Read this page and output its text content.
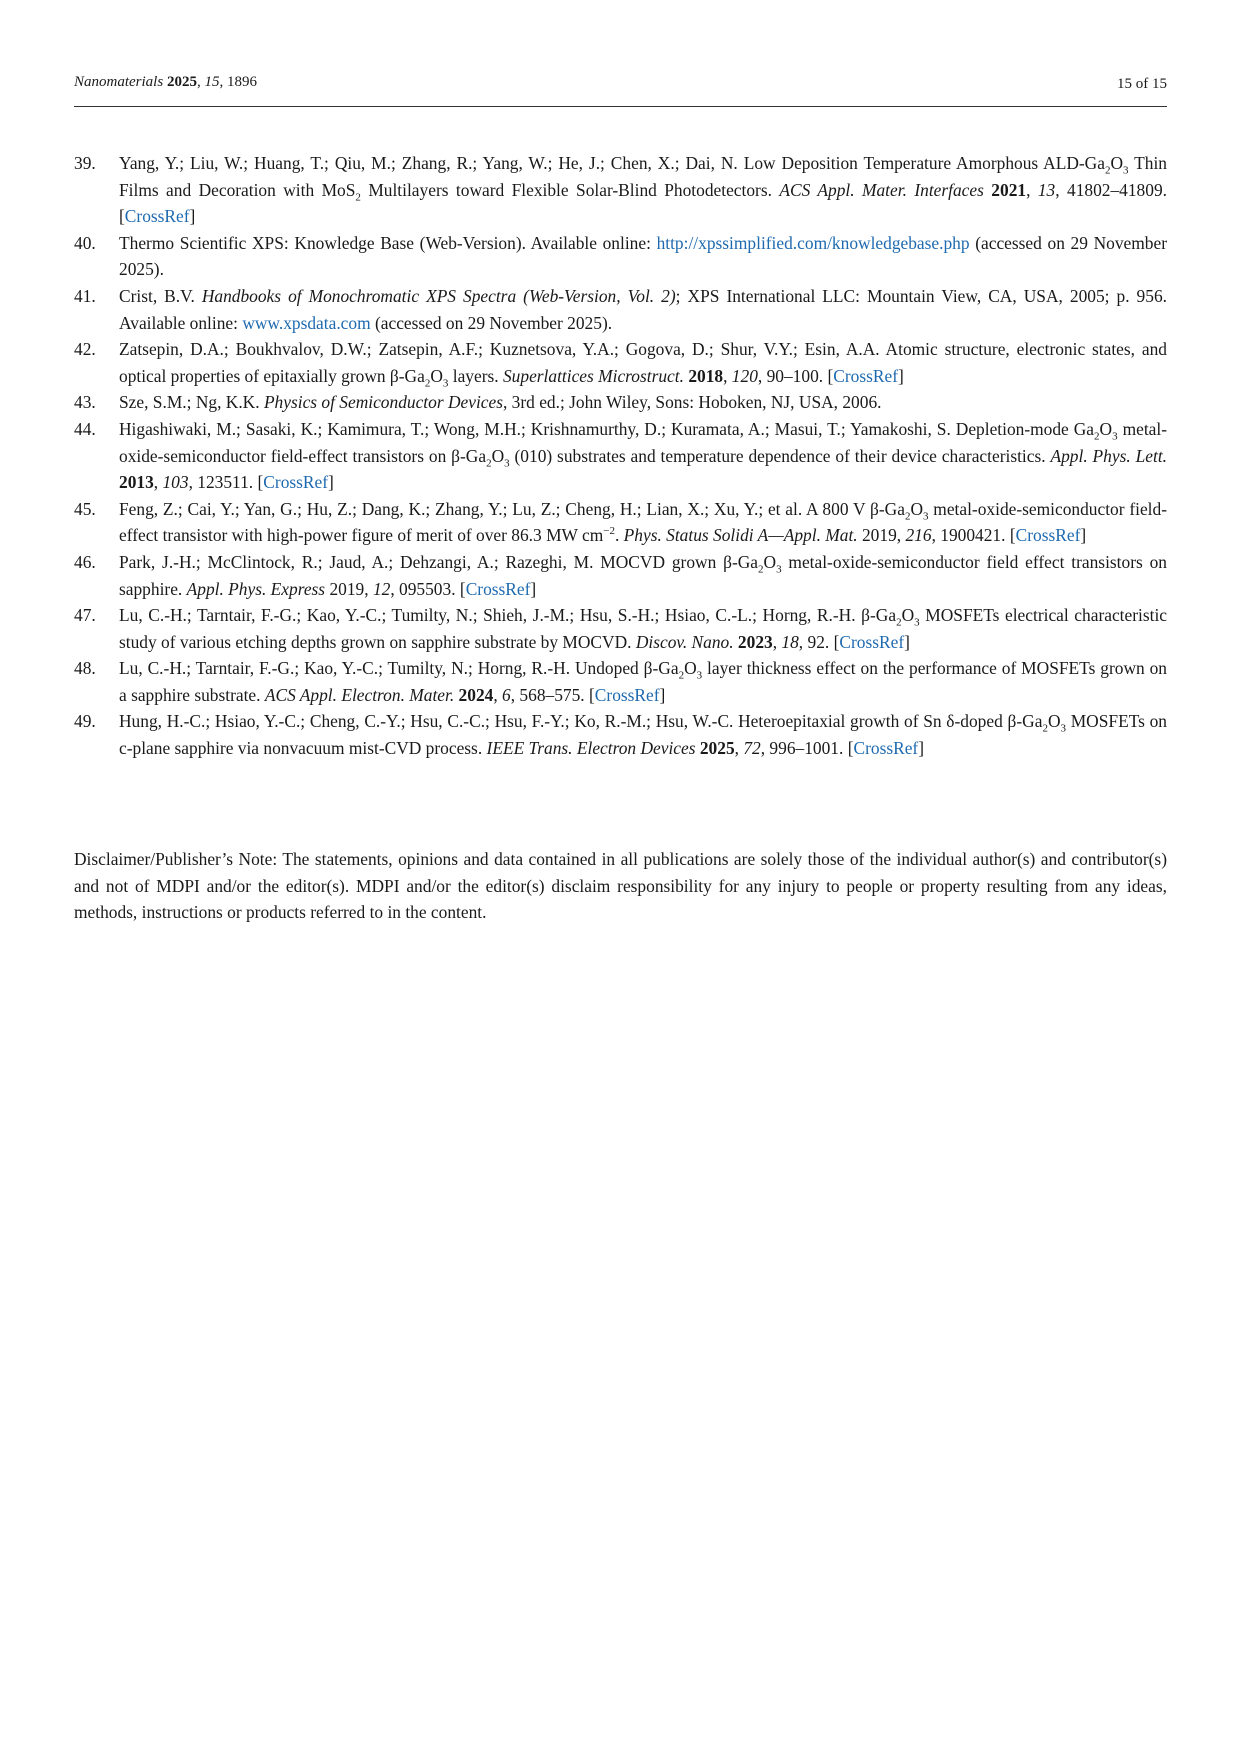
Nanomaterials 2025, 15, 1896	15 of 15
39. Yang, Y.; Liu, W.; Huang, T.; Qiu, M.; Zhang, R.; Yang, W.; He, J.; Chen, X.; Dai, N. Low Deposition Temperature Amorphous ALD-$Ga_2O_3$ Thin Films and Decoration with MoS$_2$ Multilayers toward Flexible Solar-Blind Photodetectors. ACS Appl. Mater. Interfaces 2021, 13, 41802–41809. [CrossRef]
40. Thermo Scientific XPS: Knowledge Base (Web-Version). Available online: http://xpssimplified.com/knowledgebase.php (accessed on 29 November 2025).
41. Crist, B.V. Handbooks of Monochromatic XPS Spectra (Web-Version, Vol. 2); XPS International LLC: Mountain View, CA, USA, 2005; p. 956. Available online: www.xpsdata.com (accessed on 29 November 2025).
42. Zatsepin, D.A.; Boukhvalov, D.W.; Zatsepin, A.F.; Kuznetsova, Y.A.; Gogova, D.; Shur, V.Y.; Esin, A.A. Atomic structure, electronic states, and optical properties of epitaxially grown $\beta-Ga_2O_3$ layers. Superlattices Microstruct. 2018, 120, 90–100. [CrossRef]
43. Sze, S.M.; Ng, K.K. Physics of Semiconductor Devices, 3rd ed.; John Wiley, Sons: Hoboken, NJ, USA, 2006.
44. Higashiwaki, M.; Sasaki, K.; Kamimura, T.; Wong, M.H.; Krishnamurthy, D.; Kuramata, A.; Masui, T.; Yamakoshi, S. Depletion-mode $Ga_2O_3$ metal-oxide-semiconductor field-effect transistors on $\beta-Ga_2O_3$ (010) substrates and temperature dependence of their device characteristics. Appl. Phys. Lett. 2013, 103, 123511. [CrossRef]
45. Feng, Z.; Cai, Y.; Yan, G.; Hu, Z.; Dang, K.; Zhang, Y.; Lu, Z.; Cheng, H.; Lian, X.; Xu, Y.; et al. A 800 V $\beta-Ga_2O_3$ metal-oxide-semiconductor field-effect transistor with high-power figure of merit of over 86.3 MW $cm^{-2}$. Phys. Status Solidi A—Appl. Mat. 2019, 216, 1900421. [CrossRef]
46. Park, J.-H.; McClintock, R.; Jaud, A.; Dehzangi, A.; Razeghi, M. MOCVD grown $\beta-Ga_2O_3$ metal-oxide-semiconductor field effect transistors on sapphire. Appl. Phys. Express 2019, 12, 095503. [CrossRef]
47. Lu, C.-H.; Tarntair, F.-G.; Kao, Y.-C.; Tumilty, N.; Shieh, J.-M.; Hsu, S.-H.; Hsiao, C.-L.; Horng, R.-H. $\beta-Ga_2O_3$ MOSFETs electrical characteristic study of various etching depths grown on sapphire substrate by MOCVD. Discov. Nano. 2023, 18, 92. [CrossRef]
48. Lu, C.-H.; Tarntair, F.-G.; Kao, Y.-C.; Tumilty, N.; Horng, R.-H. Undoped $\beta-Ga_2O_3$ layer thickness effect on the performance of MOSFETs grown on a sapphire substrate. ACS Appl. Electron. Mater. 2024, 6, 568–575. [CrossRef]
49. Hung, H.-C.; Hsiao, Y.-C.; Cheng, C.-Y.; Hsu, C.-C.; Hsu, F.-Y.; Ko, R.-M.; Hsu, W.-C. Heteroepitaxial growth of Sn δ-doped $\beta-Ga_2O_3$ MOSFETs on c-plane sapphire via nonvacuum mist-CVD process. IEEE Trans. Electron Devices 2025, 72, 996–1001. [CrossRef]
Disclaimer/Publisher’s Note: The statements, opinions and data contained in all publications are solely those of the individual author(s) and contributor(s) and not of MDPI and/or the editor(s). MDPI and/or the editor(s) disclaim responsibility for any injury to people or property resulting from any ideas, methods, instructions or products referred to in the content.
